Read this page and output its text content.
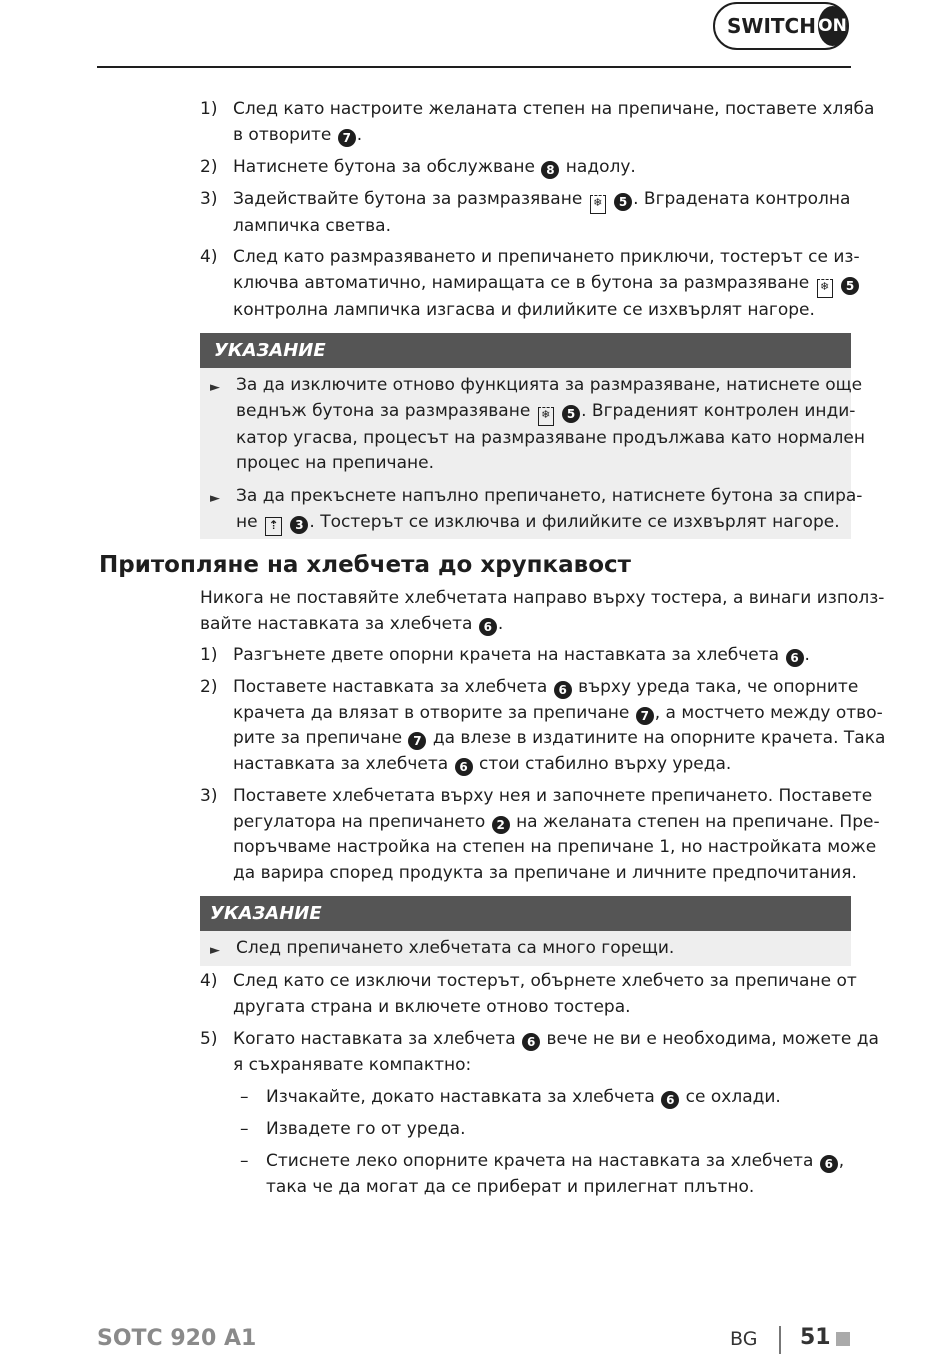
SWITCH ON
1) След като настроите желаната степен на препичане, поставете хляба
в отворите 7 .
2) Натиснете бутона за обслужване 8 надолу.
3) Задействайте бутона за размразяване ❄ 5 . Вградената контролна
лампичка светва.
4) След като размразяването и препичането приключи, тостерът се из-
ключва автоматично, намиращата се в бутона за размразяване ❄ 5
контролна лампичка изгасва и филийките се изхвърлят нагоре.
УКАЗАНИЕ
► За да изключите отново функцията за размразяване, натиснете още
веднъж бутона за размразяване ❄ 5 . Вграденият контролен инди-
катор угасва, процесът на размразяване продължава като нормален
процес на препичане.
► За да прекъснете напълно препичането, натиснете бутона за спира-
не ⇡ 3 . Тостерът се изключва и филийките се изхвърлят нагоре.
Притопляне на хлебчета до хрупкавост
Никога не поставяйте хлебчетата направо върху тостера, а винаги използ-
вайте наставката за хлебчета 6 .
1) Разгънете двете опорни крачета на наставката за хлебчета 6 .
2) Поставете наставката за хлебчета 6 върху уреда така, че опорните
крачета да влязат в отворите за препичане 7 , а мостчето между отво-
рите за препичане 7 да влезе в издатините на опорните крачета. Така
наставката за хлебчета 6 стои стабилно върху уреда.
3) Поставете хлебчетата върху нея и започнете препичането. Поставете
регулатора на препичането 2 на желаната степен на препичане. Пре-
поръчваме настройка на степен на препичане 1, но настройката може
да варира според продукта за препичане и личните предпочитания.
УКАЗАНИЕ
► След препичането хлебчетата са много горещи.
4) След като се изключи тостерът, обърнете хлебчето за препичане от
другата страна и включете отново тостера.
5) Когато наставката за хлебчета 6 вече не ви е необходима, можете да
я съхранявате компактно:
– Изчакайте, докато наставката за хлебчета 6 се охлади.
– Извадете го от уреда.
– Стиснете леко опорните крачета на наставката за хлебчета 6 ,
така че да могат да се приберат и прилегнат плътно.
SOTC 920 A1	BG 51
